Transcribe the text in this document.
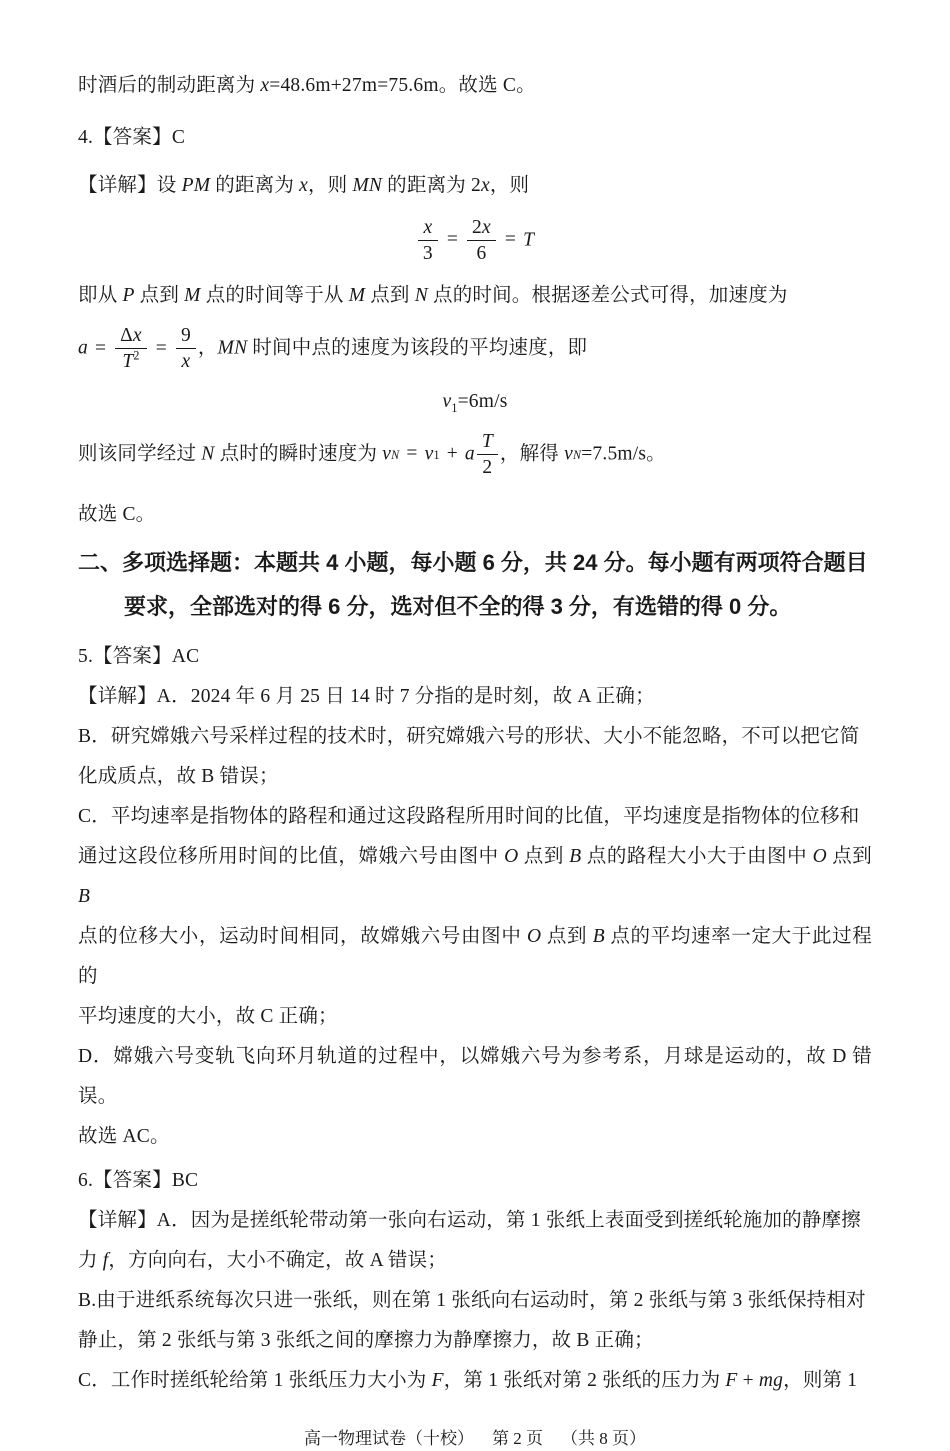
时酒后的制动距离为 x=48.6m+27m=75.6m。故选 C。

4.【答案】C

【详解】设 PM 的距离为 x，则 MN 的距离为 2x，则

$\frac{x}{3} = \frac{2x}{6} = T$

即从 P 点到 M 点的时间等于从 M 点到 N 点的时间。根据逐差公式可得，加速度为

$a = \frac{\Delta x}{T^2} = \frac{9}{x}$ ，MN 时间中点的速度为该段的平均速度，即

$v_1=6m/s$

则该同学经过 N 点时的瞬时速度为 vN = v1 + a $\frac{T}{2}$ ，解得 vN=7.5m/s。

故选 C。

二、多项选择题：本题共 4 小题，每小题 6 分，共 24 分。每小题有两项符合题目

要求，全部选对的得 6 分，选对但不全的得 3 分，有选错的得 0 分。

5.【答案】AC

【详解】A．2024 年 6 月 25 日 14 时 7 分指的是时刻，故 A 正确；

B．研究嫦娥六号采样过程的技术时，研究嫦娥六号的形状、大小不能忽略，不可以把它简

化成质点，故 B 错误；

C．平均速率是指物体的路程和通过这段路程所用时间的比值，平均速度是指物体的位移和

通过这段位移所用时间的比值，嫦娥六号由图中 O 点到 B 点的路程大小大于由图中 O 点到 B

点的位移大小，运动时间相同，故嫦娥六号由图中 O 点到 B 点的平均速率一定大于此过程的

平均速度的大小，故 C 正确；

D．嫦娥六号变轨飞向环月轨道的过程中，以嫦娥六号为参考系，月球是运动的，故 D 错误。

故选 AC。

6.【答案】BC

【详解】A．因为是搓纸轮带动第一张向右运动，第 1 张纸上表面受到搓纸轮施加的静摩擦

力 f，方向向右，大小不确定，故 A 错误；

B.由于进纸系统每次只进一张纸，则在第 1 张纸向右运动时，第 2 张纸与第 3 张纸保持相对

静止，第 2 张纸与第 3 张纸之间的摩擦力为静摩擦力，故 B 正确；

C．工作时搓纸轮给第 1 张纸压力大小为 F，第 1 张纸对第 2 张纸的压力为 F + mg，则第 1

高一物理试卷（十校） 第 2 页 （共 8 页）
